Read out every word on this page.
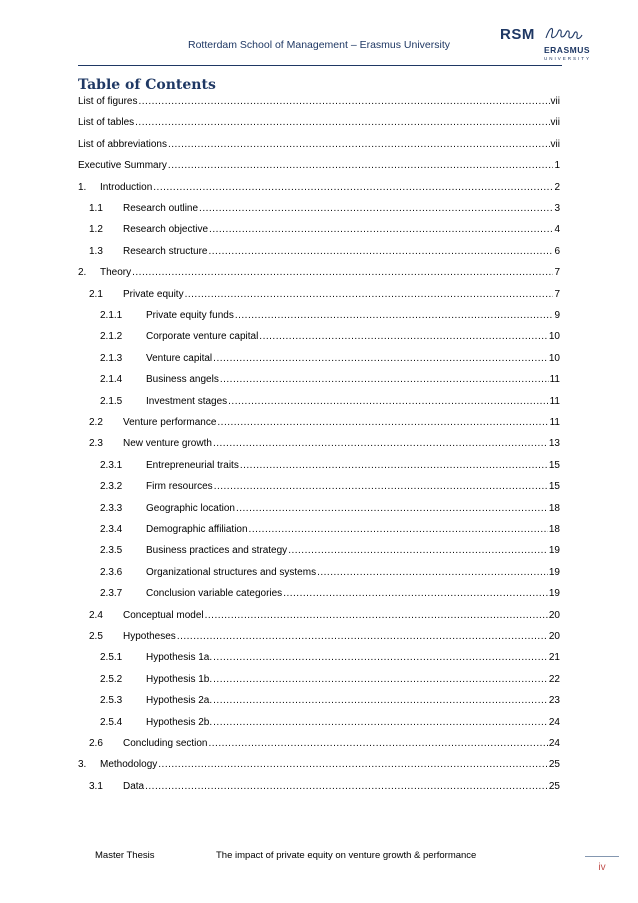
Rotterdam School of Management – Erasmus University
RSM
ERASMUS
UNIVERSITY
Table of Contents
List of figures .....	vii
List of tables .....	vii
List of abbreviations .....	vii
Executive Summary .....	1
1.	Introduction .....	2
1.1	Research outline .....	3
1.2	Research objective .....	4
1.3	Research structure .....	6
2.	Theory .....	7
2.1	Private equity .....	7
2.1.1	Private equity funds .....	9
2.1.2	Corporate venture capital .....	10
2.1.3	Venture capital .....	10
2.1.4	Business angels .....	11
2.1.5	Investment stages .....	11
2.2	Venture performance .....	11
2.3	New venture growth .....	13
2.3.1	Entrepreneurial traits .....	15
2.3.2	Firm resources .....	15
2.3.3	Geographic location .....	18
2.3.4	Demographic affiliation .....	18
2.3.5	Business practices and strategy .....	19
2.3.6	Organizational structures and systems .....	19
2.3.7	Conclusion variable categories .....	19
2.4	Conceptual model .....	20
2.5	Hypotheses .....	20
2.5.1	Hypothesis 1a. .....	21
2.5.2	Hypothesis 1b. .....	22
2.5.3	Hypothesis 2a. .....	23
2.5.4	Hypothesis 2b. .....	24
2.6	Concluding section .....	24
3.	Methodology .....	25
3.1	Data .....	25
Master Thesis	The impact of private equity on venture growth & performance
iv
